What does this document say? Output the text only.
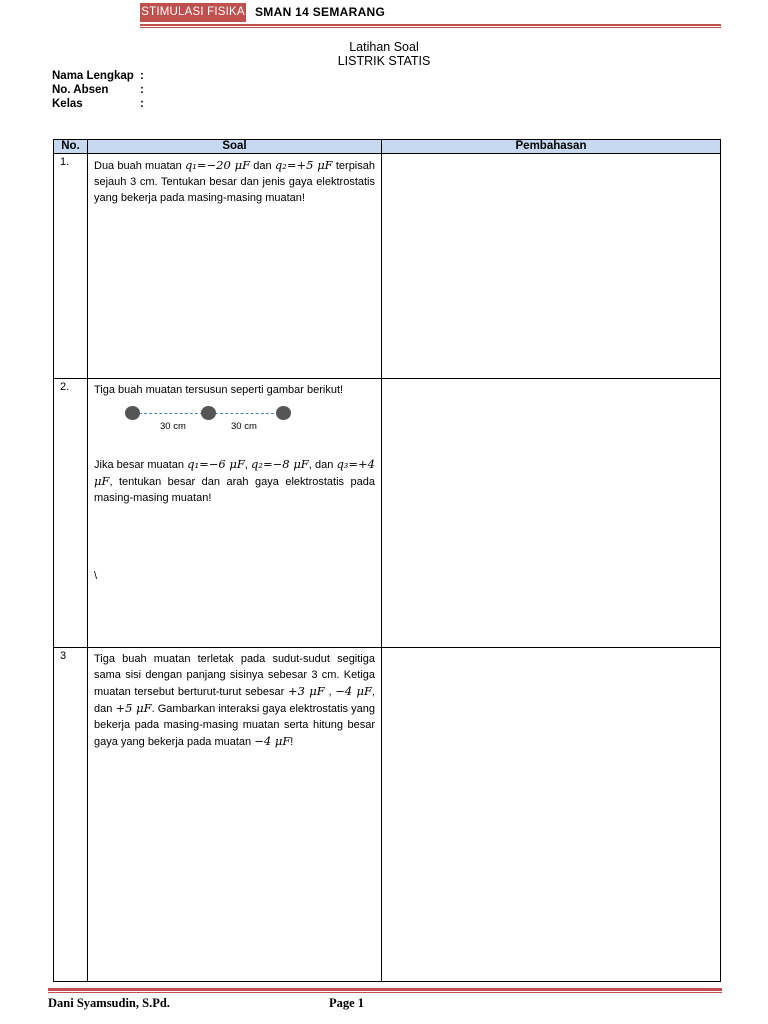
STIMULASI FISIKA SMAN 14 SEMARANG
Latihan Soal
LISTRIK STATIS
Nama Lengkap :
No. Absen	:
Kelas	:
No.	Soal	Pembahasan
1.	Dua buah muatan q₁=−20 μF dan q₂=+5 μF terpisah sejauh 3 cm. Tentukan besar dan jenis gaya elektrostatis yang bekerja pada masing-masing muatan!	
2.	Tiga buah muatan tersusun seperti gambar berikut!
30 cm 30 cm
Jika besar muatan q₁=−6 μF, q₂=−8 μF, dan q₃=+4 μF, tentukan besar dan arah gaya elektrostatis pada masing-masing muatan!
\	

3	Tiga buah muatan terletak pada sudut-sudut segitiga sama sisi dengan panjang sisinya sebesar 3 cm. Ketiga muatan tersebut berturut-turut sebesar +3 μF , −4 μF, dan +5 μF. Gambarkan interaksi gaya elektrostatis yang bekerja pada masing-masing muatan serta hitung besar gaya yang bekerja pada muatan −4 μF!	
Dani Syamsudin, S.Pd.	Page 1
